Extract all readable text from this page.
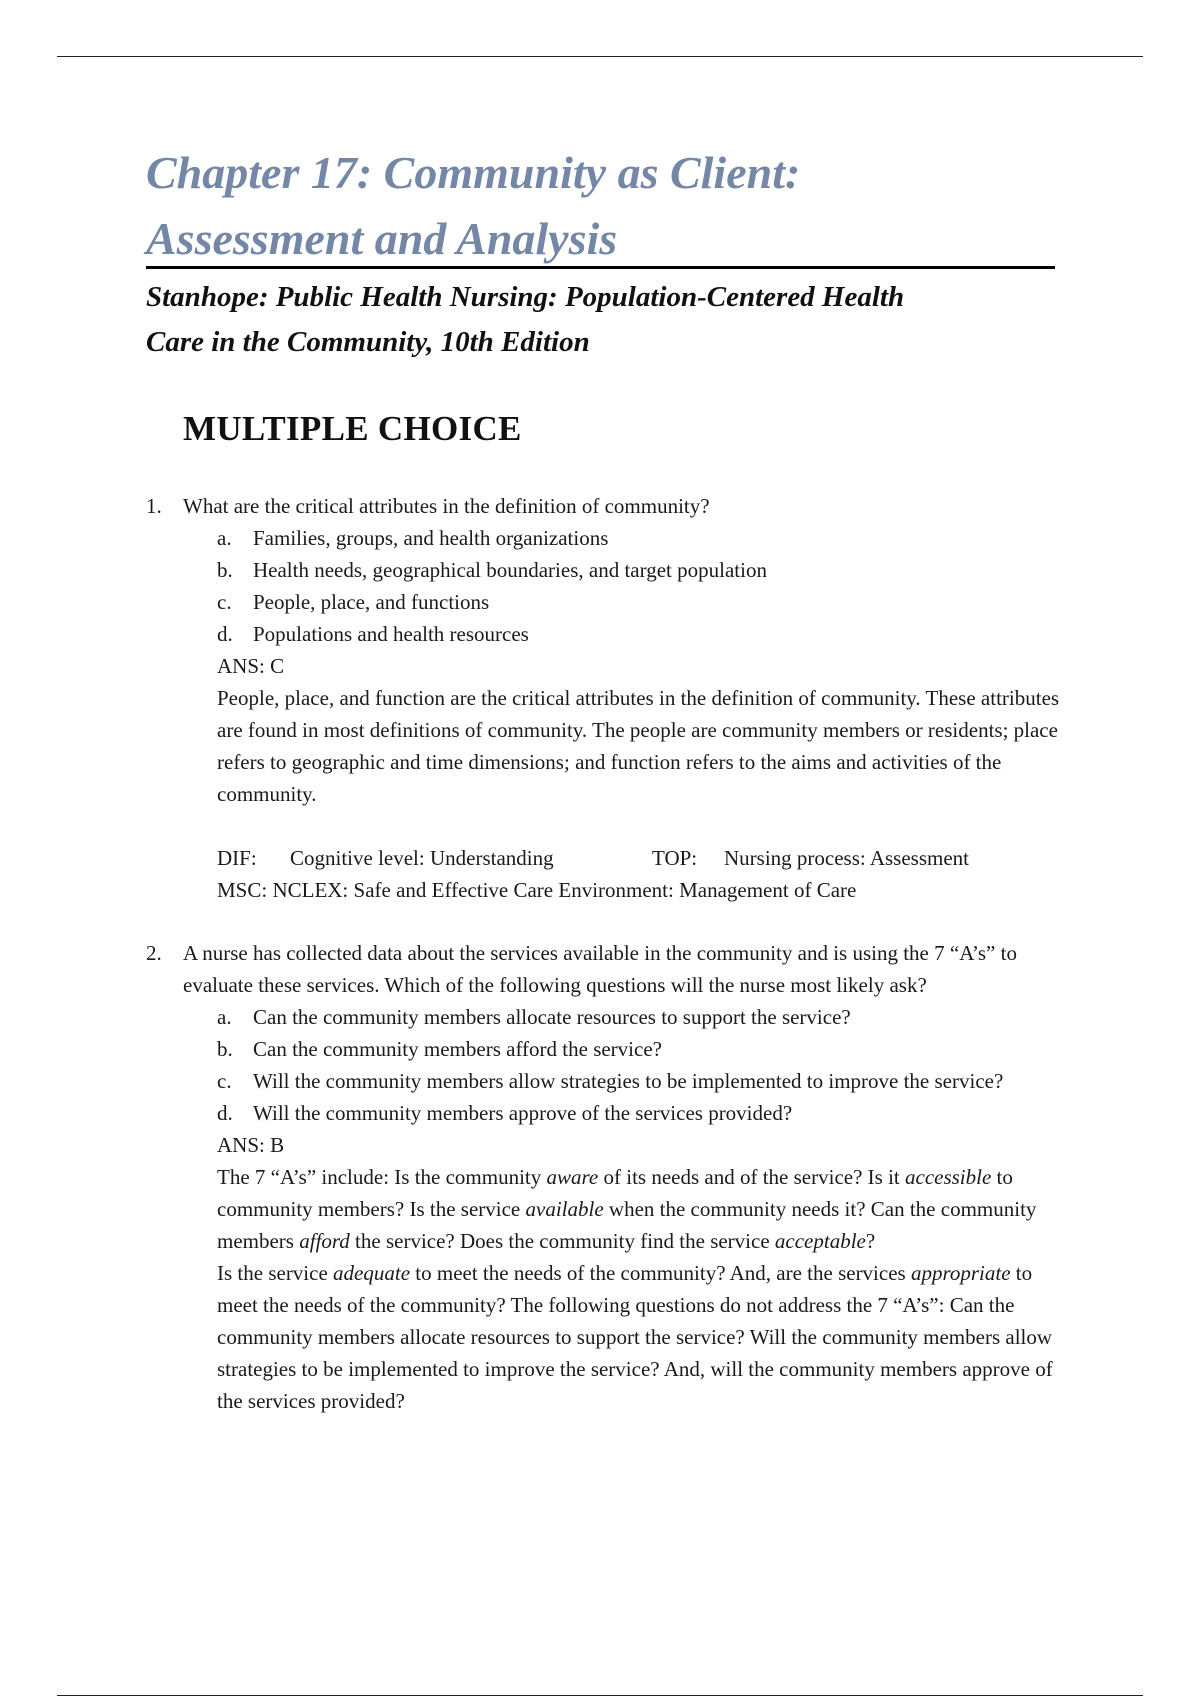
Chapter 17: Community as Client:
Assessment and Analysis
Stanhope: Public Health Nursing: Population-Centered Health
Care in the Community, 10th Edition
MULTIPLE CHOICE
1.	What are the critical attributes in the definition of community?
a.	Families, groups, and health organizations
b. Health needs, geographical boundaries, and target population
c.	People, place, and functions
d. Populations and health resources

ANS: C

People, place, and function are the critical attributes in the definition of community. These attributes are found in most definitions of community. The people are community members or residents; place refers to geographic and time dimensions; and function refers to the aims and activities of the community.

DIF:	Cognitive level: Understanding	TOP:	Nursing process: Assessment
MSC: NCLEX: Safe and Effective Care Environment: Management of Care
2.	A nurse has collected data about the services available in the community and is using the 7 “A’s” to evaluate these services. Which of the following questions will the nurse most likely ask?
a.	Can the community members allocate resources to support the service?
b. Can the community members afford the service?
c.	Will the community members allow strategies to be implemented to improve the service?
d. Will the community members approve of the services provided?

ANS: B

The 7 “A’s” include: Is the community aware of its needs and of the service? Is it accessible to community members? Is the service available when the community needs it? Can the community members afford the service? Does the community find the service acceptable?

Is the service adequate to meet the needs of the community? And, are the services appropriate to meet the needs of the community? The following questions do not address the 7 “A’s”: Can the community members allocate resources to support the service? Will the community members allow strategies to be implemented to improve the service? And, will the community members approve of the services provided?
